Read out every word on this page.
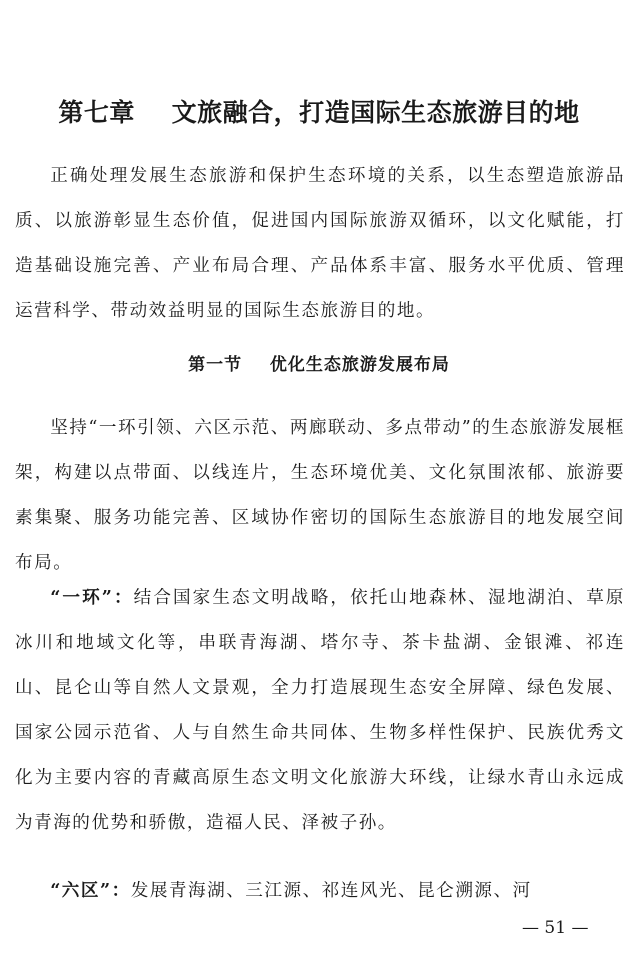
第七章    文旅融合，打造国际生态旅游目的地

正确处理发展生态旅游和保护生态环境的关系，以生态塑造旅游品质、以旅游彰显生态价值，促进国内国际旅游双循环，以文化赋能，打造基础设施完善、产业布局合理、产品体系丰富、服务水平优质、管理运营科学、带动效益明显的国际生态旅游目的地。

第一节    优化生态旅游发展布局

坚持“一环引领、六区示范、两廊联动、多点带动”的生态旅游发展框架，构建以点带面、以线连片，生态环境优美、文化氛围浓郁、旅游要素集聚、服务功能完善、区域协作密切的国际生态旅游目的地发展空间布局。

“一环”：结合国家生态文明战略，依托山地森林、湿地湖泊、草原冰川和地域文化等，串联青海湖、塔尔寺、茶卡盐湖、金银滩、祁连山、昆仑山等自然人文景观，全力打造展现生态安全屏障、绿色发展、国家公园示范省、人与自然生命共同体、生物多样性保护、民族优秀文化为主要内容的青藏高原生态文明文化旅游大环线，让绿水青山永远成为青海的优势和骄傲，造福人民、泽被子孙。

“六区”：发展青海湖、三江源、祁连风光、昆仑溯源、河

— 51 —
